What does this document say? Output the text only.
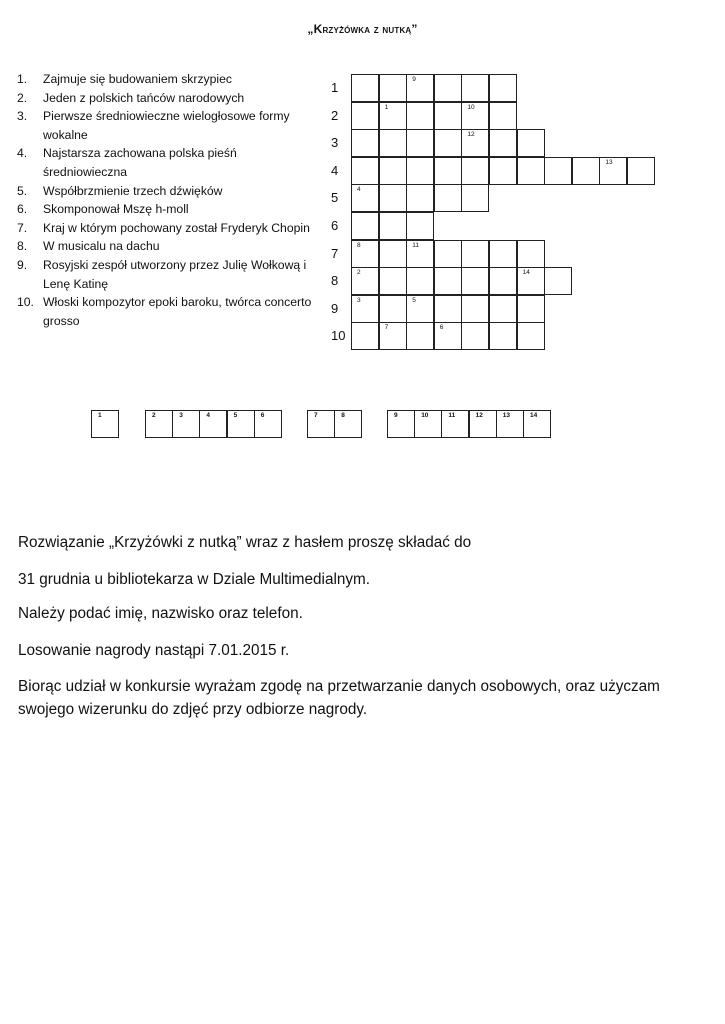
„Krzyżówka z nutką”
1.	Zajmuje się budowaniem skrzypiec
2.	Jeden z polskich tańców narodowych
3.	Pierwsze średniowieczne wielogłosowe formy wokalne
4.	Najstarsza zachowana polska pieśń średniowieczna
5.	Współbrzmienie trzech dźwięków
6.	Skomponował Mszę h-moll
7.	Kraj w którym pochowany został Fryderyk Chopin
8.	W musicalu na dachu
9.	Rosyjski zespół utworzony przez Julię Wołkową i Lenę Katinę
10. Włoski kompozytor epoki baroku, twórca concerto grosso
1
9
2
1	10
3
12
4
13
5
4
6
7
8	11
8
2	14
9
3	5
10
7	6
1	2	3	4	5	6	7	8	9	10	11	12	13	14

Rozwiązanie „Krzyżówki z nutką” wraz z hasłem proszę składać do

31 grudnia u bibliotekarza w Dziale Multimedialnym.

Należy podać imię, nazwisko oraz telefon.

Losowanie nagrody nastąpi 7.01.2015 r.

Biorąc udział w konkursie wyrażam zgodę na przetwarzanie danych osobowych, oraz użyczam swojego wizerunku do zdjęć przy odbiorze nagrody.
